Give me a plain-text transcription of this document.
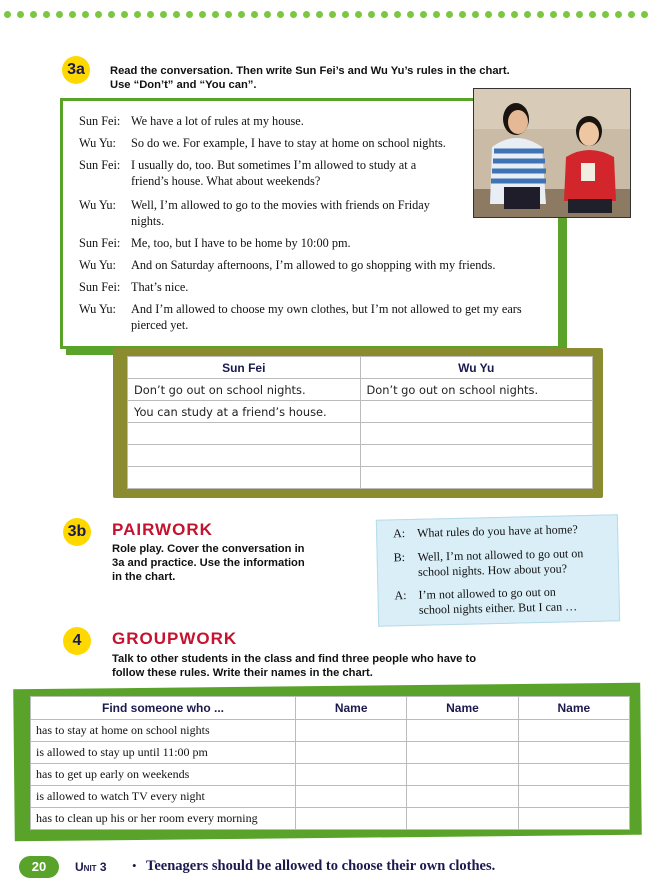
3a	Read the conversation. Then write Sun Fei’s and Wu Yu’s rules in the chart.
Use “Don’t” and “You can”.
Sun Fei: We have a lot of rules at my house.
Wu Yu:	So do we. For example, I have to stay at home on school nights.
Sun Fei: I usually do, too. But sometimes I’m allowed to study at a
friend’s house. What about weekends?
Wu Yu:	Well, I’m allowed to go to the movies with friends on Friday
nights.
Sun Fei: Me, too, but I have to be home by 10:00 pm.
Wu Yu:	And on Saturday afternoons, I’m allowed to go shopping with my friends.
Sun Fei: That’s nice.
Wu Yu:	And I’m allowed to choose my own clothes, but I’m not allowed to get my ears
pierced yet.
Sun Fei	Wu Yu
Don’t go out on school nights.	Don’t go out on school nights.
You can study at a friend’s house.	

3b PAIRWORK
Role play. Cover the conversation in
3a and practice. Use the information
in the chart.
A: What rules do you have at home?
B: Well, I’m not allowed to go out on
school nights. How about you?
A: I’m not allowed to go out on
school nights either. But I can …
4	GROUPWORK
Talk to other students in the class and find three people who have to
follow these rules. Write their names in the chart.
Find someone who ...	Name	Name	Name
has to stay at home on school nights			
is allowed to stay up until 11:00 pm			
has to get up early on weekends			
is allowed to watch TV every night			
has to clean up his or her room every morning			
20	Unit 3 • Teenagers should be allowed to choose their own clothes.
